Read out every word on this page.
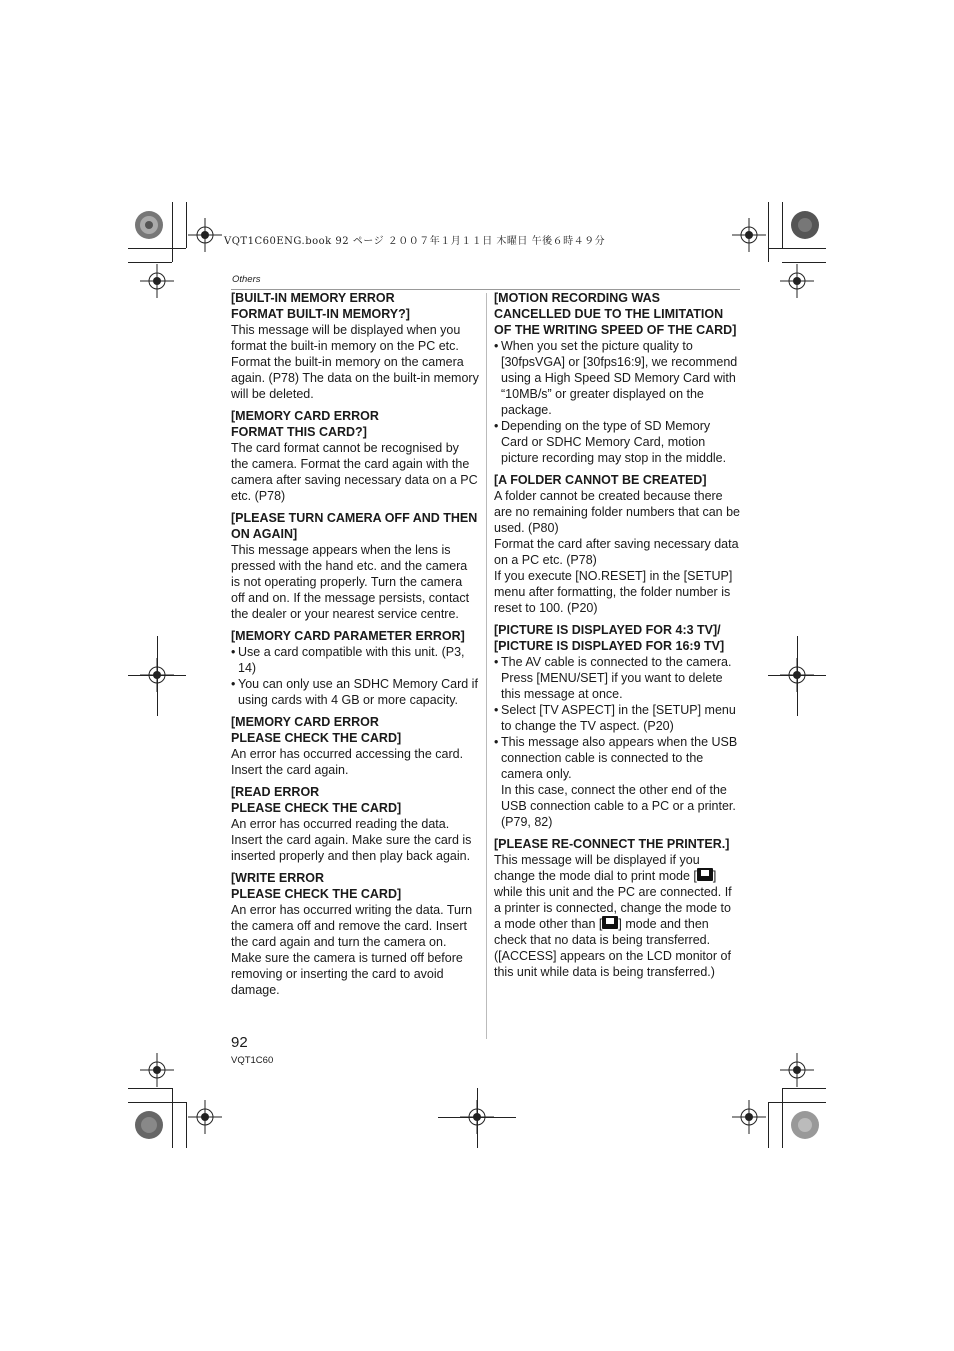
VQT1C60ENG.book 92 ページ ２００７年１月１１日 木曜日 午後６時４９分
Others
[BUILT-IN MEMORY ERROR
FORMAT BUILT-IN MEMORY?]

This message will be displayed when you format the built-in memory on the PC etc. Format the built-in memory on the camera again. (P78) The data on the built-in memory will be deleted.

[MEMORY CARD ERROR
FORMAT THIS CARD?]

The card format cannot be recognised by the camera. Format the card again with the camera after saving necessary data on a PC etc. (P78)

[PLEASE TURN CAMERA OFF AND THEN ON AGAIN]

This message appears when the lens is pressed with the hand etc. and the camera is not operating properly. Turn the camera off and on. If the message persists, contact the dealer or your nearest service centre.

[MEMORY CARD PARAMETER ERROR]
• Use a card compatible with this unit. (P3, 14)
• You can only use an SDHC Memory Card if using cards with 4 GB or more capacity.
[MEMORY CARD ERROR
PLEASE CHECK THE CARD]

An error has occurred accessing the card. Insert the card again.

[READ ERROR
PLEASE CHECK THE CARD]

An error has occurred reading the data. Insert the card again. Make sure the card is inserted properly and then play back again.

[WRITE ERROR
PLEASE CHECK THE CARD]

An error has occurred writing the data. Turn the camera off and remove the card. Insert the card again and turn the camera on. Make sure the camera is turned off before removing or inserting the card to avoid damage.

[MOTION RECORDING WAS CANCELLED DUE TO THE LIMITATION OF THE WRITING SPEED OF THE CARD]
• When you set the picture quality to [30fpsVGA] or [30fps16:9], we recommend using a High Speed SD Memory Card with “10MB/s” or greater displayed on the package.
• Depending on the type of SD Memory Card or SDHC Memory Card, motion picture recording may stop in the middle.
[A FOLDER CANNOT BE CREATED]

A folder cannot be created because there are no remaining folder numbers that can be used. (P80)

Format the card after saving necessary data on a PC etc. (P78)

If you execute [NO.RESET] in the [SETUP] menu after formatting, the folder number is reset to 100. (P20)

[PICTURE IS DISPLAYED FOR 4:3 TV]/
[PICTURE IS DISPLAYED FOR 16:9 TV]
• The AV cable is connected to the camera. Press [MENU/SET] if you want to delete this message at once.
• Select [TV ASPECT] in the [SETUP] menu to change the TV aspect. (P20)
• This message also appears when the USB connection cable is connected to the camera only.
In this case, connect the other end of the USB connection cable to a PC or a printer. (P79, 82)
[PLEASE RE-CONNECT THE PRINTER.]

This message will be displayed if you change the mode dial to print mode [ ] while this unit and the PC are connected. If a printer is connected, change the mode to a mode other than [ ] mode and then check that no data is being transferred. ([ACCESS] appears on the LCD monitor of this unit while data is being transferred.)

92
VQT1C60
